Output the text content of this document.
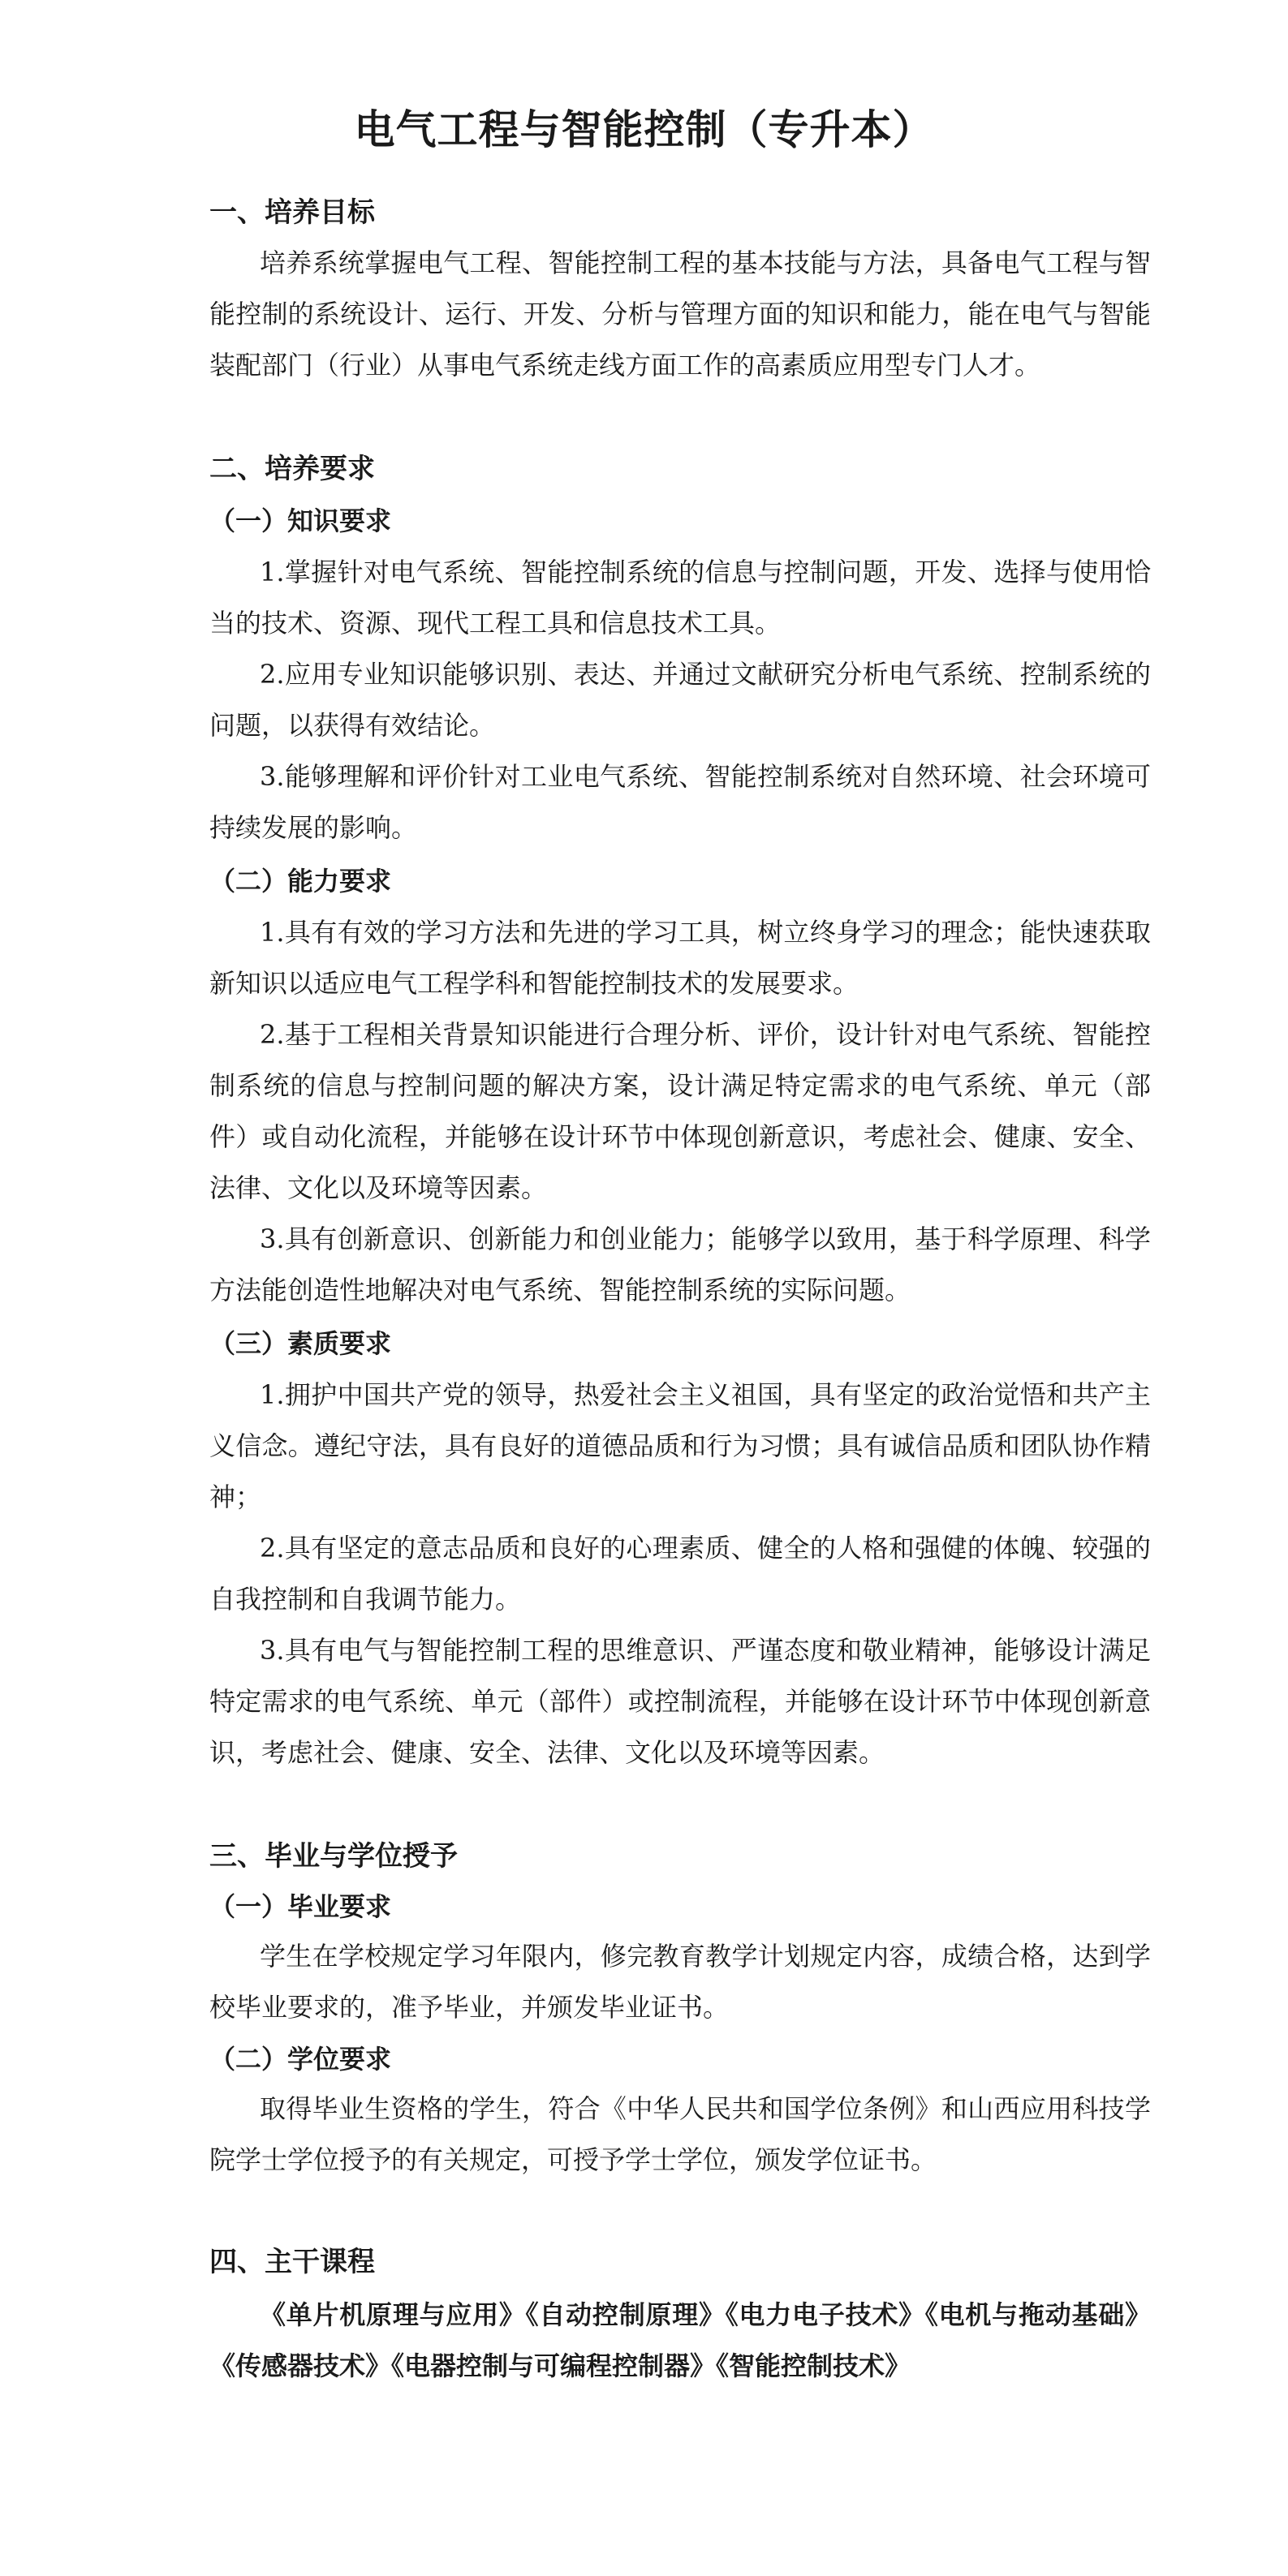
电气工程与智能控制（专升本）
一、培养目标
培养系统掌握电气工程、智能控制工程的基本技能与方法，具备电气工程与智能控制的系统设计、运行、开发、分析与管理方面的知识和能力，能在电气与智能装配部门（行业）从事电气系统走线方面工作的高素质应用型专门人才。
二、培养要求
（一）知识要求
1.掌握针对电气系统、智能控制系统的信息与控制问题，开发、选择与使用恰当的技术、资源、现代工程工具和信息技术工具。
2.应用专业知识能够识别、表达、并通过文献研究分析电气系统、控制系统的问题，以获得有效结论。
3.能够理解和评价针对工业电气系统、智能控制系统对自然环境、社会环境可持续发展的影响。
（二）能力要求
1.具有有效的学习方法和先进的学习工具，树立终身学习的理念；能快速获取新知识以适应电气工程学科和智能控制技术的发展要求。
2.基于工程相关背景知识能进行合理分析、评价，设计针对电气系统、智能控制系统的信息与控制问题的解决方案，设计满足特定需求的电气系统、单元（部件）或自动化流程，并能够在设计环节中体现创新意识，考虑社会、健康、安全、法律、文化以及环境等因素。
3.具有创新意识、创新能力和创业能力；能够学以致用，基于科学原理、科学方法能创造性地解决对电气系统、智能控制系统的实际问题。
（三）素质要求
1.拥护中国共产党的领导，热爱社会主义祖国，具有坚定的政治觉悟和共产主义信念。遵纪守法，具有良好的道德品质和行为习惯；具有诚信品质和团队协作精神；
2.具有坚定的意志品质和良好的心理素质、健全的人格和强健的体魄、较强的自我控制和自我调节能力。
3.具有电气与智能控制工程的思维意识、严谨态度和敬业精神，能够设计满足特定需求的电气系统、单元（部件）或控制流程，并能够在设计环节中体现创新意识，考虑社会、健康、安全、法律、文化以及环境等因素。
三、毕业与学位授予
（一）毕业要求
学生在学校规定学习年限内，修完教育教学计划规定内容，成绩合格，达到学校毕业要求的，准予毕业，并颁发毕业证书。
（二）学位要求
取得毕业生资格的学生，符合《中华人民共和国学位条例》和山西应用科技学院学士学位授予的有关规定，可授予学士学位，颁发学位证书。
四、主干课程
《单片机原理与应用》《自动控制原理》《电力电子技术》《电机与拖动基础》《传感器技术》《电器控制与可编程控制器》《智能控制技术》
